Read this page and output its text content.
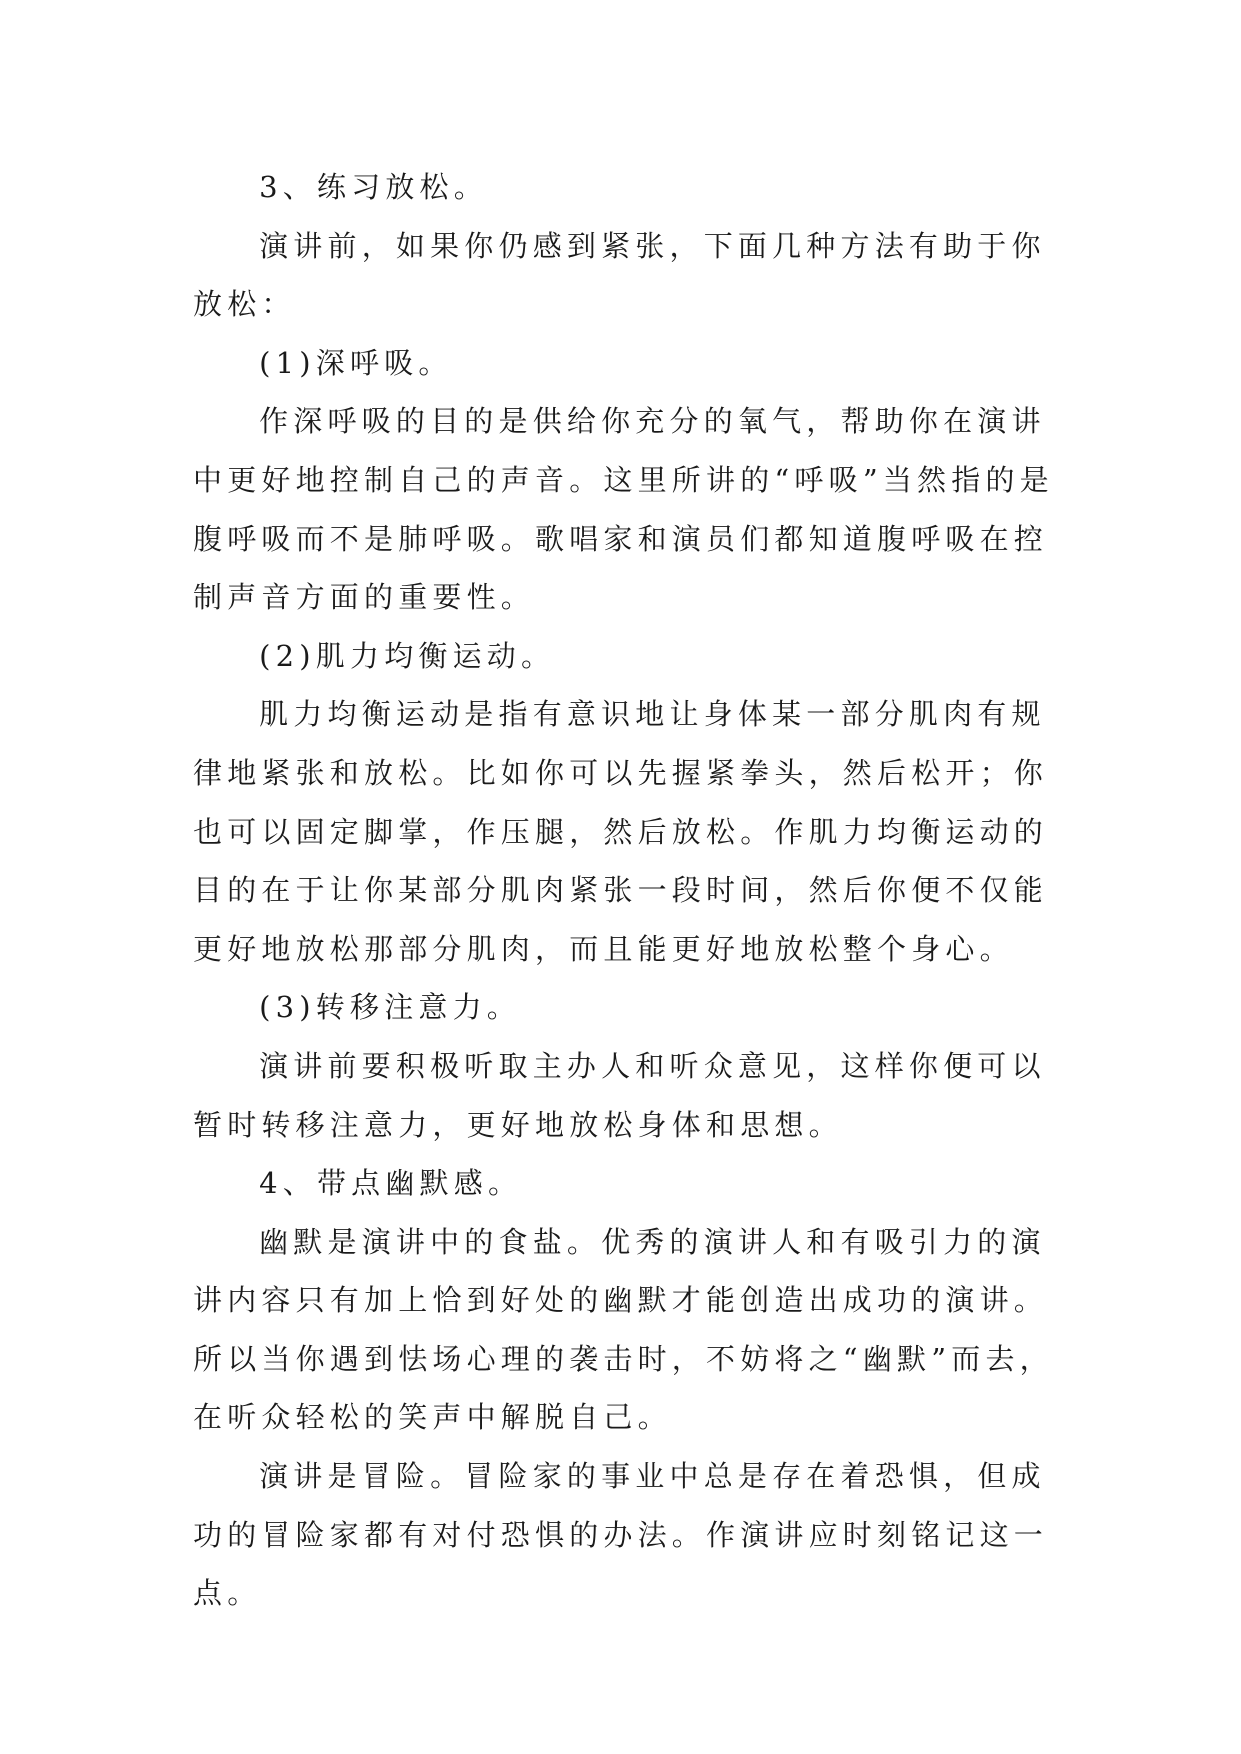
3、练习放松。

演讲前，如果你仍感到紧张，下面几种方法有助于你放松：

(1)深呼吸。

作深呼吸的目的是供给你充分的氧气，帮助你在演讲中更好地控制自己的声音。这里所讲的“呼吸”当然指的是腹呼吸而不是肺呼吸。歌唱家和演员们都知道腹呼吸在控制声音方面的重要性。

(2)肌力均衡运动。

肌力均衡运动是指有意识地让身体某一部分肌肉有规律地紧张和放松。比如你可以先握紧拳头，然后松开；你也可以固定脚掌，作压腿，然后放松。作肌力均衡运动的目的在于让你某部分肌肉紧张一段时间，然后你便不仅能更好地放松那部分肌肉，而且能更好地放松整个身心。

(3)转移注意力。

演讲前要积极听取主办人和听众意见，这样你便可以暂时转移注意力，更好地放松身体和思想。

4、带点幽默感。

幽默是演讲中的食盐。优秀的演讲人和有吸引力的演讲内容只有加上恰到好处的幽默才能创造出成功的演讲。所以当你遇到怯场心理的袭击时，不妨将之“幽默”而去，在听众轻松的笑声中解脱自己。

演讲是冒险。冒险家的事业中总是存在着恐惧，但成功的冒险家都有对付恐惧的办法。作演讲应时刻铭记这一点。
